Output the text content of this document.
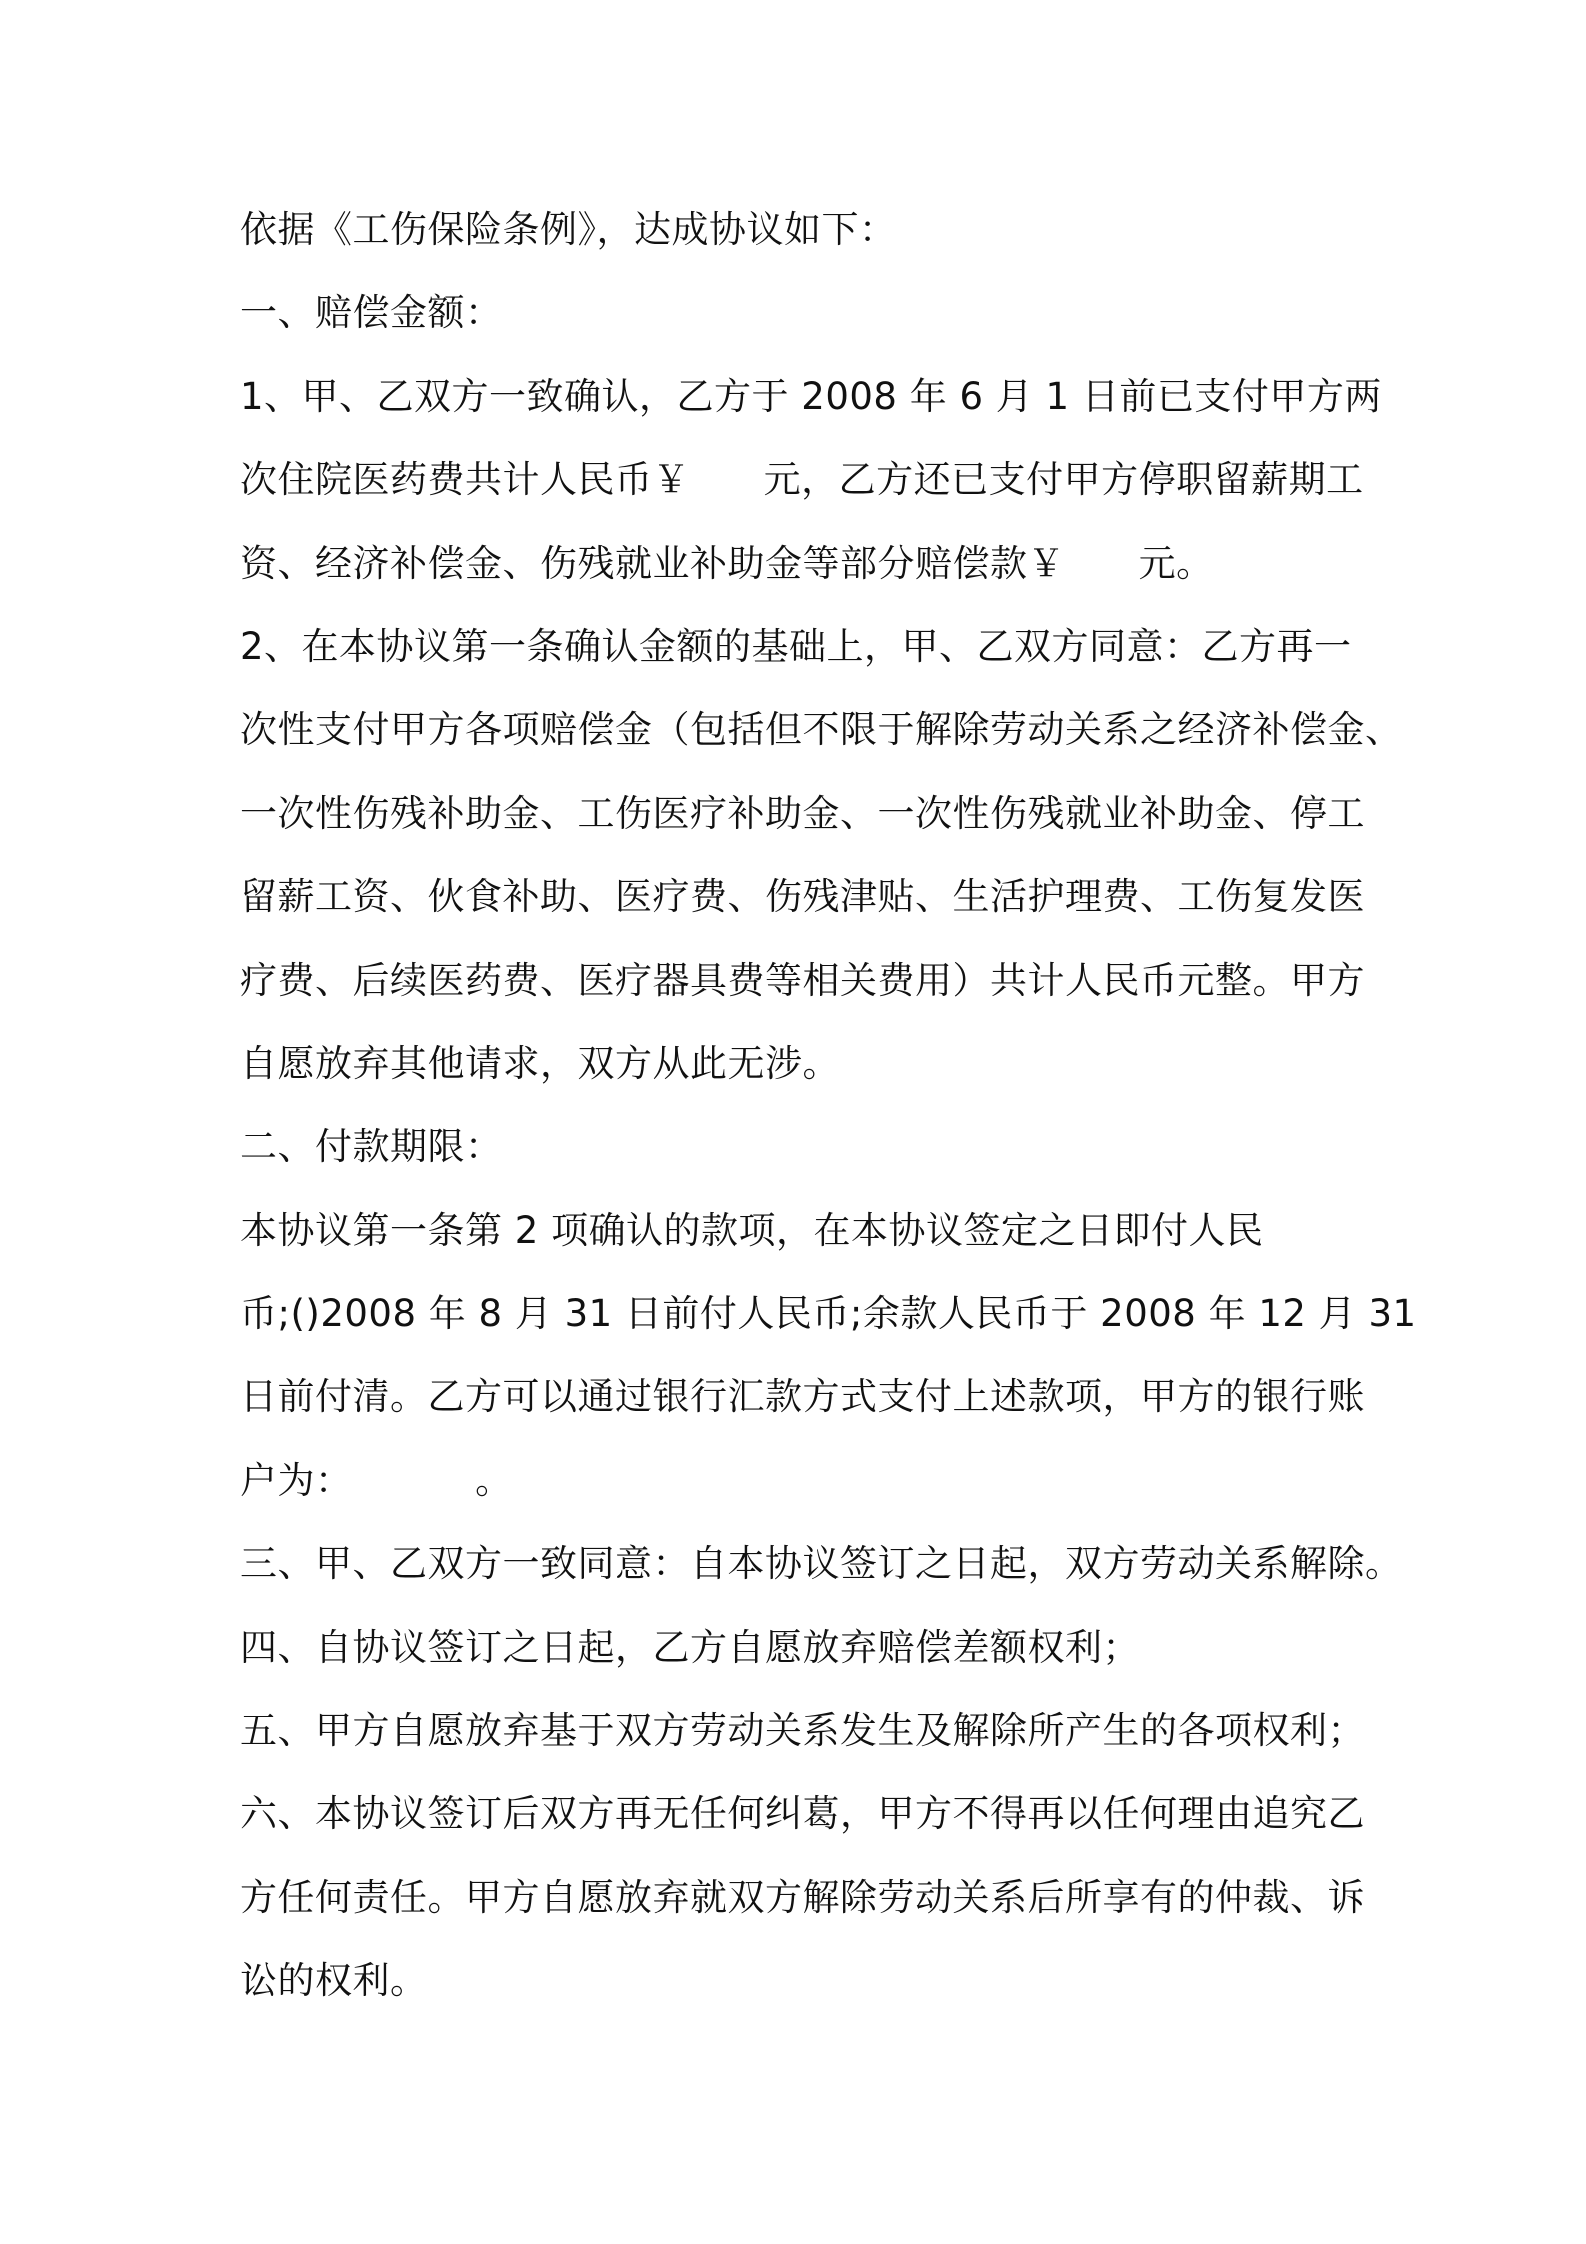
依据《工伤保险条例》，达成协议如下：
一、赔偿金额：
1、甲、乙双方一致确认，乙方于 2008 年 6 月 1 日前已支付甲方两
次住院医药费共计人民币￥      元，乙方还已支付甲方停职留薪期工
资、经济补偿金、伤残就业补助金等部分赔偿款￥      元。
2、在本协议第一条确认金额的基础上，甲、乙双方同意：乙方再一
次性支付甲方各项赔偿金（包括但不限于解除劳动关系之经济补偿金、
一次性伤残补助金、工伤医疗补助金、一次性伤残就业补助金、停工
留薪工资、伙食补助、医疗费、伤残津贴、生活护理费、工伤复发医
疗费、后续医药费、医疗器具费等相关费用）共计人民币元整。甲方
自愿放弃其他请求，双方从此无涉。
二、付款期限：
本协议第一条第 2 项确认的款项，在本协议签定之日即付人民
币;()2008 年 8 月 31 日前付人民币;余款人民币于 2008 年 12 月 31
日前付清。乙方可以通过银行汇款方式支付上述款项，甲方的银行账
户为：          。
三、甲、乙双方一致同意：自本协议签订之日起，双方劳动关系解除。
四、自协议签订之日起，乙方自愿放弃赔偿差额权利；
五、甲方自愿放弃基于双方劳动关系发生及解除所产生的各项权利；
六、本协议签订后双方再无任何纠葛，甲方不得再以任何理由追究乙
方任何责任。甲方自愿放弃就双方解除劳动关系后所享有的仲裁、诉
讼的权利。
